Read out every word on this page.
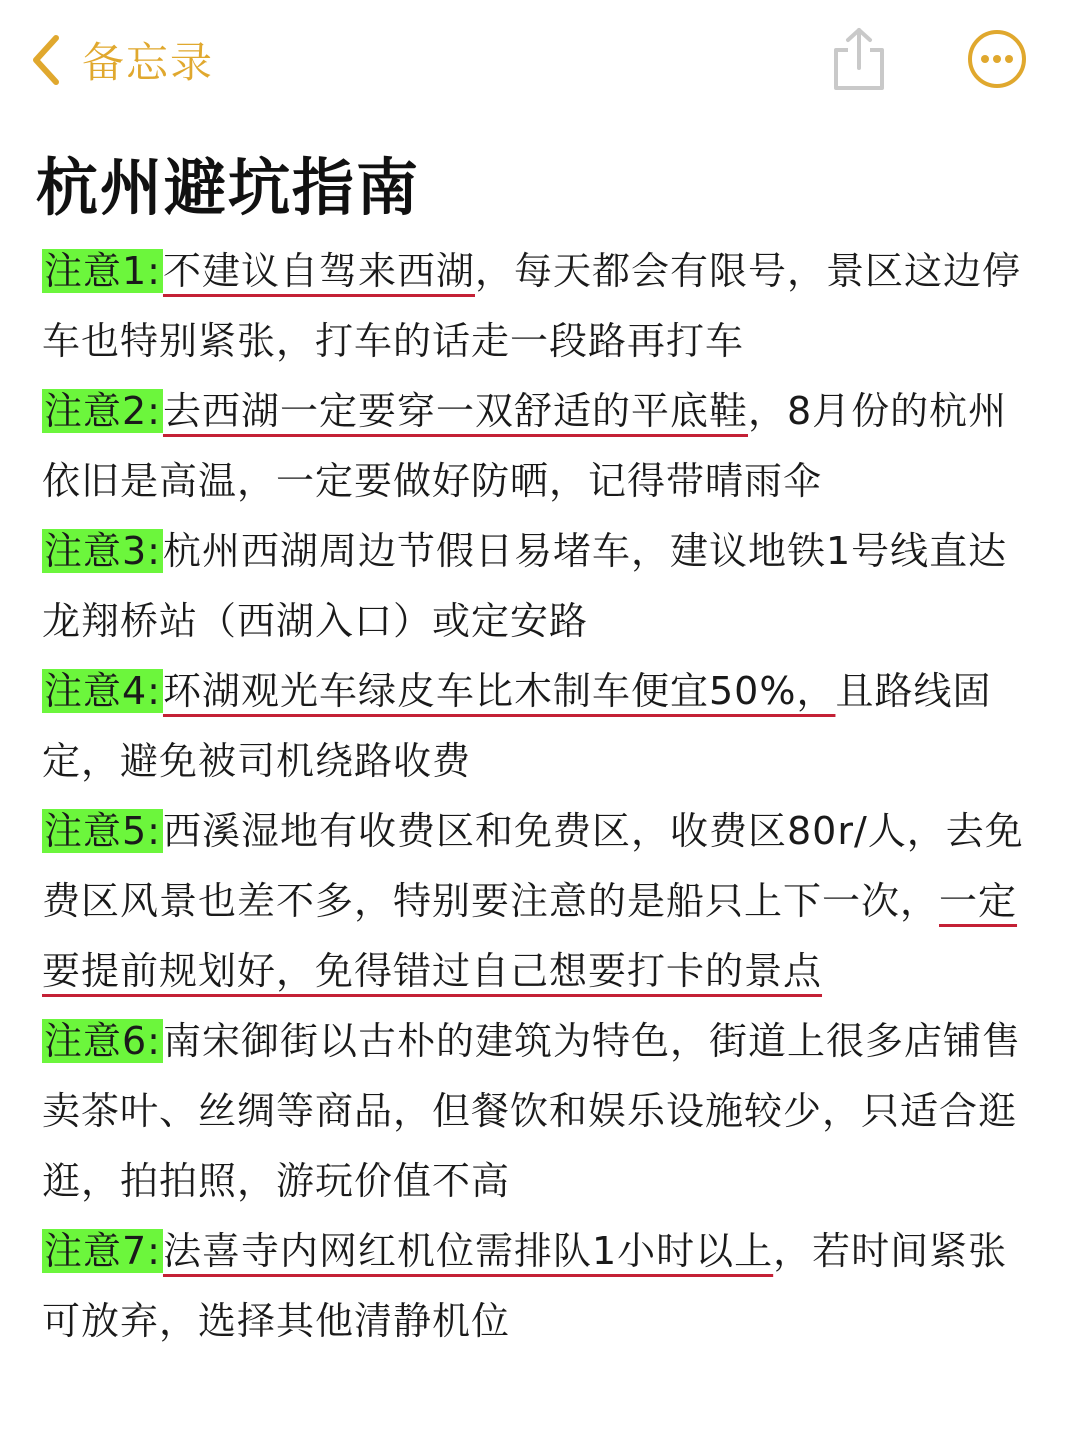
备忘录
杭州避坑指南

注意1:不建议自驾来西湖，每天都会有限号，景区这边停车也特别紧张，打车的话走一段路再打车

注意2:去西湖一定要穿一双舒适的平底鞋，8月份的杭州依旧是高温，一定要做好防晒，记得带晴雨伞

注意3:杭州西湖周边节假日易堵车，建议地铁1号线直达龙翔桥站（西湖入口）或定安路

注意4:环湖观光车绿皮车比木制车便宜50%，且路线固定，避免被司机绕路收费

注意5:西溪湿地有收费区和免费区，收费区80r/人，去免费区风景也差不多，特别要注意的是船只上下一次，一定要提前规划好，免得错过自己想要打卡的景点

注意6:南宋御街以古朴的建筑为特色，街道上很多店铺售卖茶叶、丝绸等商品，但餐饮和娱乐设施较少，只适合逛逛，拍拍照，游玩价值不高

注意7:法喜寺内网红机位需排队1小时以上，若时间紧张可放弃，选择其他清静机位
